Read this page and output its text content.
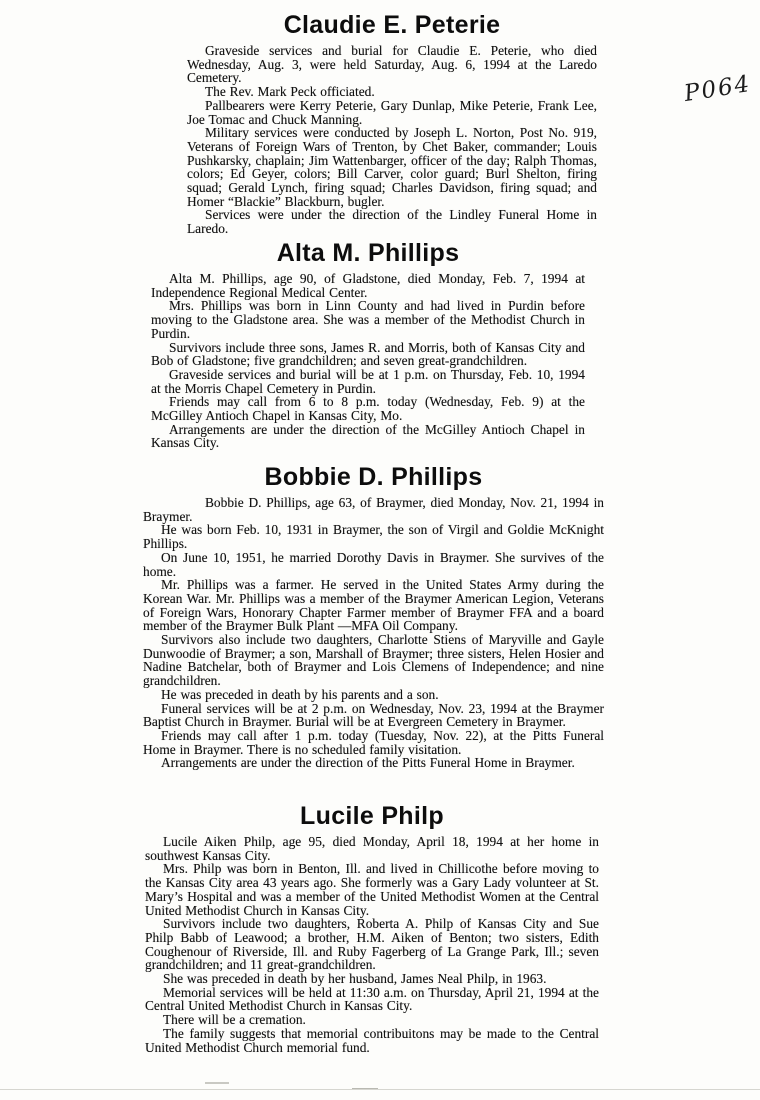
Claudie E. Peterie

Graveside services and burial for Claudie E. Peterie, who died Wednesday, Aug. 3, were held Saturday, Aug. 6, 1994 at the Laredo Cemetery.

The Rev. Mark Peck officiated.

Pallbearers were Kerry Peterie, Gary Dunlap, Mike Peterie, Frank Lee, Joe Tomac and Chuck Manning.

Military services were conducted by Joseph L. Norton, Post No. 919, Veterans of Foreign Wars of Trenton, by Chet Baker, commander; Louis Pushkarsky, chaplain; Jim Wattenbarger, officer of the day; Ralph Thomas, colors; Ed Geyer, colors; Bill Carver, color guard; Burl Shelton, firing squad; Gerald Lynch, firing squad; Charles Davidson, firing squad; and Homer “Blackie” Blackburn, bugler.

Services were under the direction of the Lindley Funeral Home in Laredo.

Alta M. Phillips

Alta M. Phillips, age 90, of Gladstone, died Monday, Feb. 7, 1994 at Independence Regional Medical Center.

Mrs. Phillips was born in Linn County and had lived in Purdin before moving to the Gladstone area. She was a member of the Methodist Church in Purdin.

Survivors include three sons, James R. and Morris, both of Kansas City and Bob of Gladstone; five grandchildren; and seven great-grandchildren.

Graveside services and burial will be at 1 p.m. on Thursday, Feb. 10, 1994 at the Morris Chapel Cemetery in Purdin.

Friends may call from 6 to 8 p.m. today (Wednesday, Feb. 9) at the McGilley Antioch Chapel in Kansas City, Mo.

Arrangements are under the direction of the McGilley Antioch Chapel in Kansas City.

Bobbie D. Phillips

Bobbie D. Phillips, age 63, of Braymer, died Monday, Nov. 21, 1994 in Braymer.

He was born Feb. 10, 1931 in Braymer, the son of Virgil and Goldie McKnight Phillips.

On June 10, 1951, he married Dorothy Davis in Braymer. She survives of the home.

Mr. Phillips was a farmer. He served in the United States Army during the Korean War. Mr. Phillips was a member of the Braymer American Legion, Veterans of Foreign Wars, Honorary Chapter Farmer member of Braymer FFA and a board member of the Braymer Bulk Plant —MFA Oil Company.

Survivors also include two daughters, Charlotte Stiens of Maryville and Gayle Dunwoodie of Braymer; a son, Marshall of Braymer; three sisters, Helen Hosier and Nadine Batchelar, both of Braymer and Lois Clemens of Independence; and nine grandchildren.

He was preceded in death by his parents and a son.

Funeral services will be at 2 p.m. on Wednesday, Nov. 23, 1994 at the Braymer Baptist Church in Braymer. Burial will be at Evergreen Cemetery in Braymer.

Friends may call after 1 p.m. today (Tuesday, Nov. 22), at the Pitts Funeral Home in Braymer. There is no scheduled family visitation.

Arrangements are under the direction of the Pitts Funeral Home in Braymer.

Lucile Philp

Lucile Aiken Philp, age 95, died Monday, April 18, 1994 at her home in southwest Kansas City.

Mrs. Philp was born in Benton, Ill. and lived in Chillicothe before moving to the Kansas City area 43 years ago. She formerly was a Gary Lady volunteer at St. Mary’s Hospital and was a member of the United Methodist Women at the Central United Methodist Church in Kansas City.

Survivors include two daughters, Roberta A. Philp of Kansas City and Sue Philp Babb of Leawood; a brother, H.M. Aiken of Benton; two sisters, Edith Coughenour of Riverside, Ill. and Ruby Fagerberg of La Grange Park, Ill.; seven grandchildren; and 11 great-grandchildren.

She was preceded in death by her husband, James Neal Philp, in 1963.

Memorial services will be held at 11:30 a.m. on Thursday, April 21, 1994 at the Central United Methodist Church in Kansas City.

There will be a cremation.

The family suggests that memorial contribuitons may be made to the Central United Methodist Church memorial fund.

P064
